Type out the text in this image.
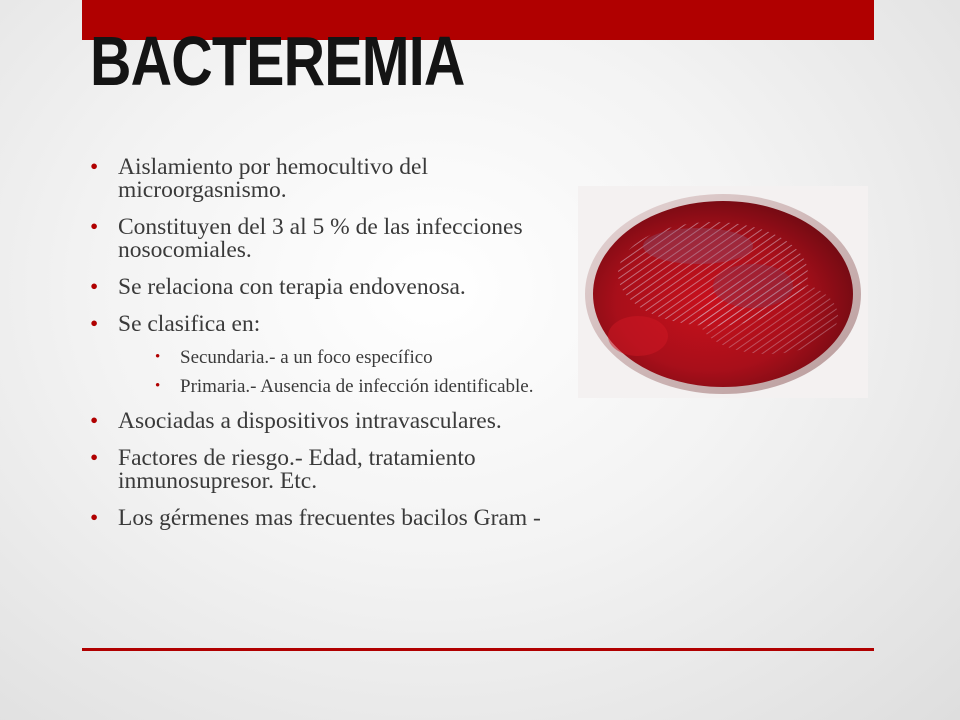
BACTEREMIA
• Aislamiento por hemocultivo del microorgasnismo.
• Constituyen del 3 al 5 % de las infecciones nosocomiales.
• Se relaciona con terapia endovenosa.
• Se clasifica en:
• Secundaria.- a un foco específico
• Primaria.- Ausencia de infección identificable.
• Asociadas a dispositivos intravasculares.
• Factores de riesgo.- Edad, tratamiento inmunosupresor. Etc.
• Los gérmenes mas frecuentes bacilos Gram -
